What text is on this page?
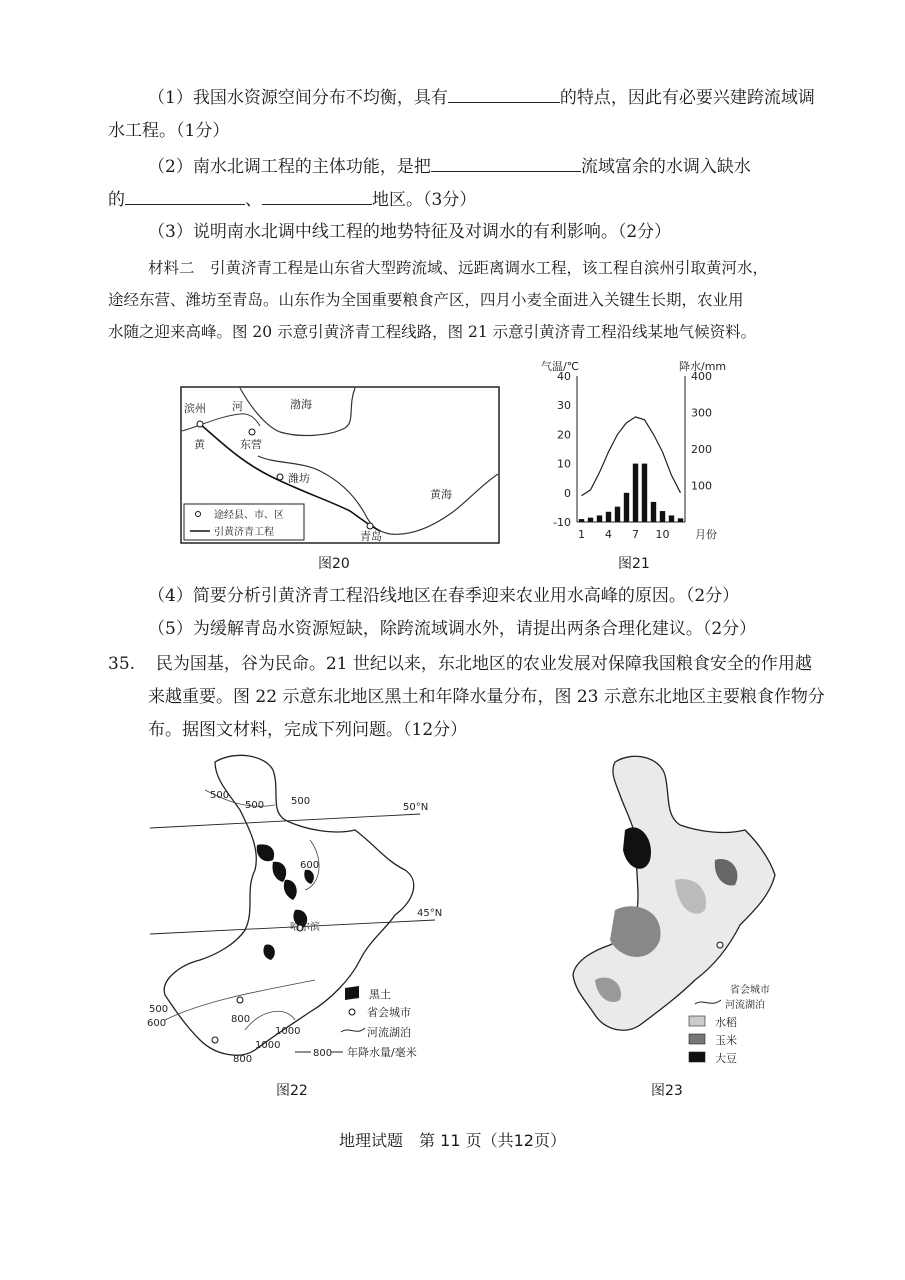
（1）我国水资源空间分布不均衡，具有	的特点，因此有必要兴建跨流域调
水工程。（1分）
（2）南水北调工程的主体功能，是把	流域富余的水调入缺水
的	、	地区。（3分）
（3）说明南水北调中线工程的地势特征及对调水的有利影响。（2分）
材料二　引黄济青工程是山东省大型跨流域、远距离调水工程，该工程自滨州引取黄河水，
途经东营、潍坊至青岛。山东作为全国重要粮食产区，四月小麦全面进入关键生长期，农业用
水随之迎来高峰。图 20 示意引黄济青工程线路，图 21 示意引黄济青工程沿线某地气候资料。
滨州 河
黄	东营
渤海
潍坊
黄海
青岛
途经县、市、区
引黄济青工程
图20
气温/℃	降水/mm
-10
0
10
20
30
40
100
200
300
400
1 4 7 10 月份
图21
（4）简要分析引黄济青工程沿线地区在春季迎来农业用水高峰的原因。（2分）
（5）为缓解青岛水资源短缺，除跨流域调水外，请提出两条合理化建议。（2分）
35. 民为国基，谷为民命。21 世纪以来，东北地区的农业发展对保障我国粮食安全的作用越
来越重要。图 22 示意东北地区黑土和年降水量分布，图 23 示意东北地区主要粮食作物分
布。据图文材料，完成下列问题。（12分）
50°N
45°N
500
500	500
600
500
600	800
1000
1000
800
哈尔滨
黑土
省会城市
河流湖泊
800 年降水量/毫米
图22
省会城市
河流湖泊
水稻
玉米
大豆
图23
地理试题　第 11 页（共12页）
